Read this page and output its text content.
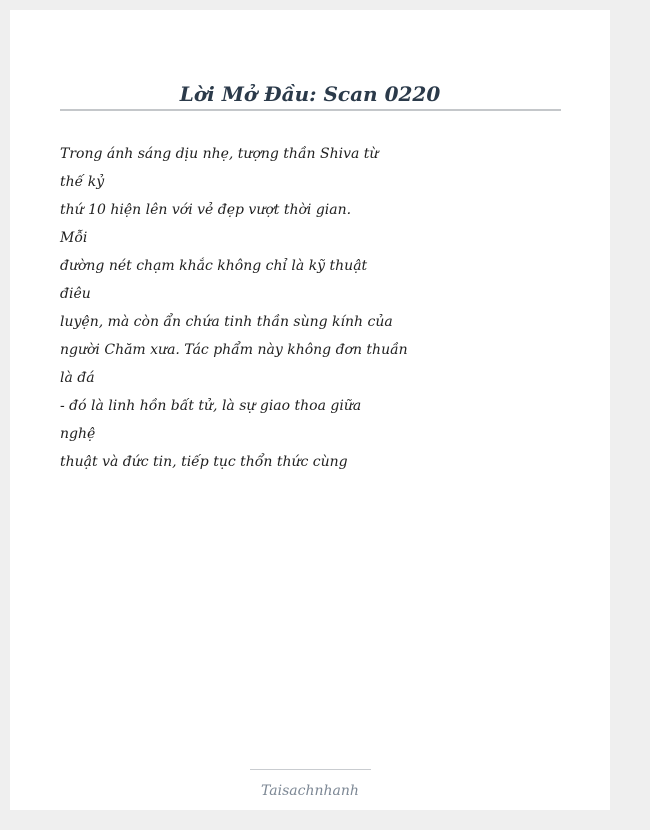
Lời Mở Đầu: Scan 0220
Trong ánh sáng dịu nhẹ, tượng thần Shiva từ
thế kỷ
thứ 10 hiện lên với vẻ đẹp vượt thời gian.
Mỗi
đường nét chạm khắc không chỉ là kỹ thuật
điêu
luyện, mà còn ẩn chứa tinh thần sùng kính của
người Chăm xưa. Tác phẩm này không đơn thuần
là đá
- đó là linh hồn bất tử, là sự giao thoa giữa
nghệ
thuật và đức tin, tiếp tục thổn thức cùng
Taisachnhanh
